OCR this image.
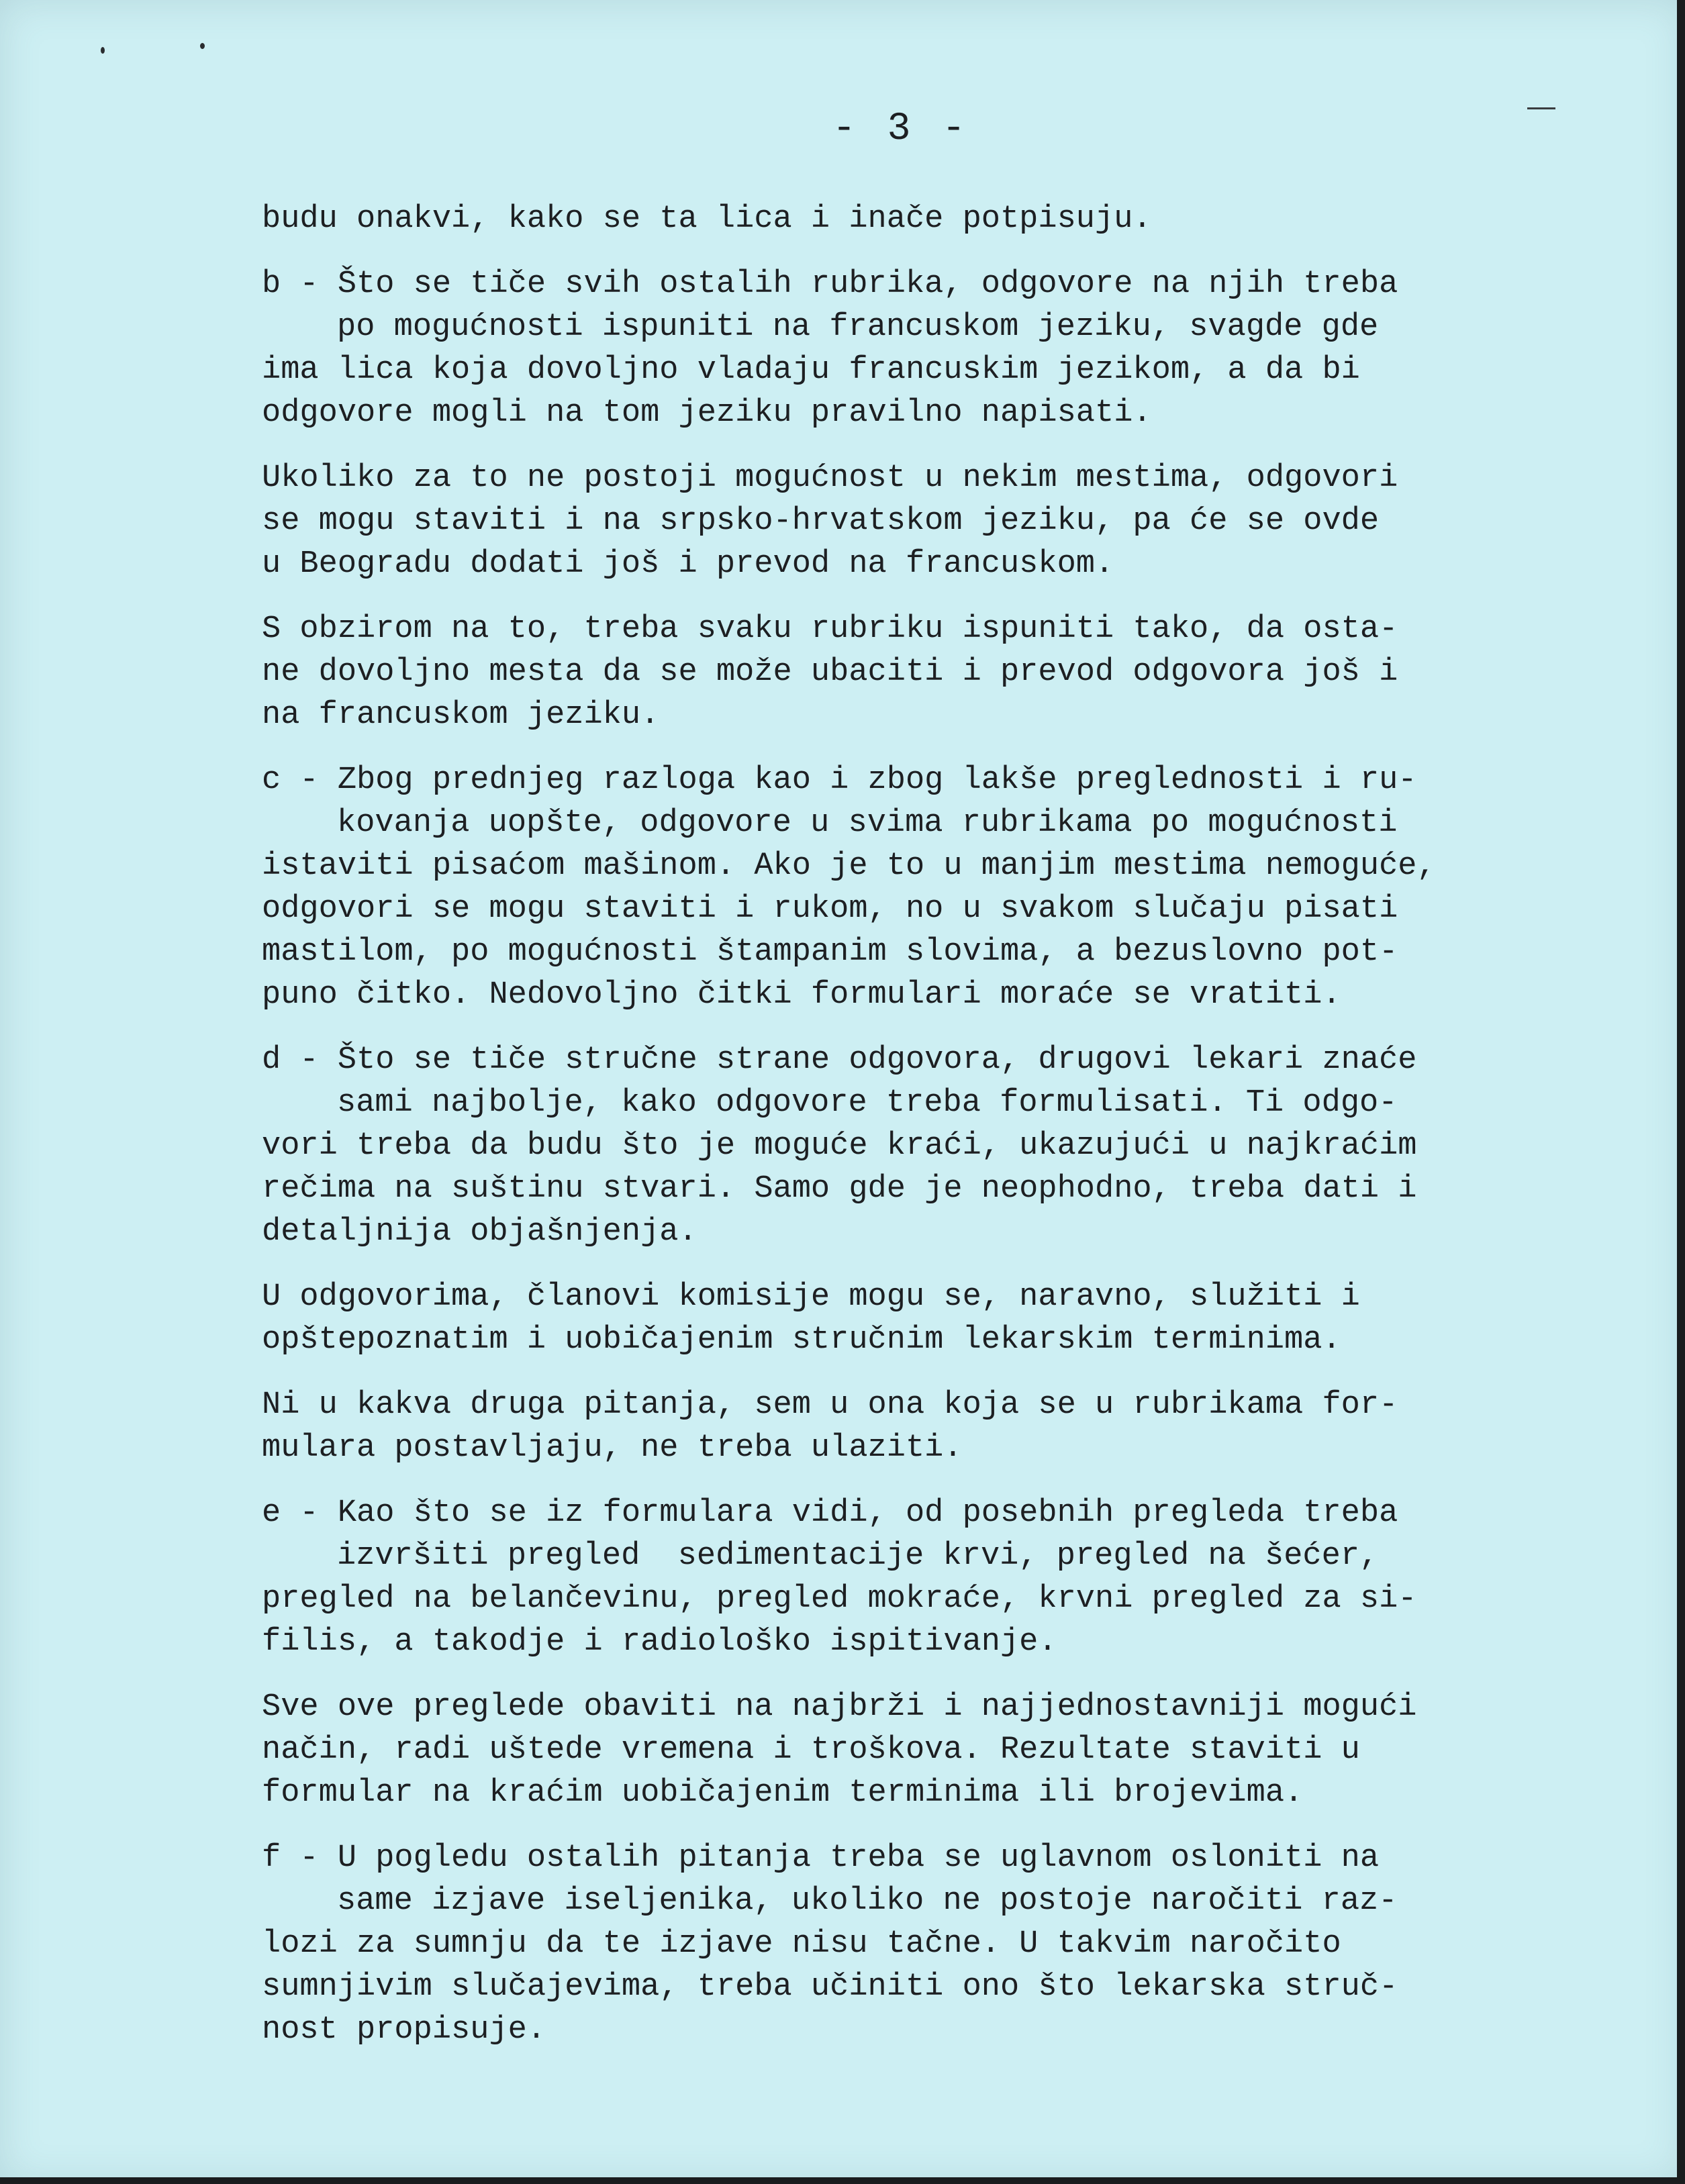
- 3 -
budu onakvi, kako se ta lica i inače potpisuju.
b - Što se tiče svih ostalih rubrika, odgovore na njih treba
po mogućnosti ispuniti na francuskom jeziku, svagde gde
ima lica koja dovoljno vladaju francuskim jezikom, a da bi
odgovore mogli na tom jeziku pravilno napisati.
Ukoliko za to ne postoji mogućnost u nekim mestima, odgovori
se mogu staviti i na srpsko-hrvatskom jeziku, pa će se ovde
u Beogradu dodati još i prevod na francuskom.
S obzirom na to, treba svaku rubriku ispuniti tako, da osta-
ne dovoljno mesta da se može ubaciti i prevod odgovora još i
na francuskom jeziku.
c - Zbog prednjeg razloga kao i zbog lakše preglednosti i ru-
kovanja uopšte, odgovore u svima rubrikama po mogućnosti
istaviti pisaćom mašinom. Ako je to u manjim mestima nemoguće,
odgovori se mogu staviti i rukom, no u svakom slučaju pisati
mastilom, po mogućnosti štampanim slovima, a bezuslovno pot-
puno čitko. Nedovoljno čitki formulari moraće se vratiti.
d - Što se tiče stručne strane odgovora, drugovi lekari znaće
sami najbolje, kako odgovore treba formulisati. Ti odgo-
vori treba da budu što je moguće kraći, ukazujući u najkraćim
rečima na suštinu stvari. Samo gde je neophodno, treba dati i
detaljnija objašnjenja.
U odgovorima, članovi komisije mogu se, naravno, služiti i
opštepoznatim i uobičajenim stručnim lekarskim terminima.
Ni u kakva druga pitanja, sem u ona koja se u rubrikama for-
mulara postavljaju, ne treba ulaziti.
e - Kao što se iz formulara vidi, od posebnih pregleda treba
izvršiti pregled  sedimentacije krvi, pregled na šećer,
pregled na belančevinu, pregled mokraće, krvni pregled za si-
filis, a takodje i radiološko ispitivanje.
Sve ove preglede obaviti na najbrži i najjednostavniji mogući
način, radi uštede vremena i troškova. Rezultate staviti u
formular na kraćim uobičajenim terminima ili brojevima.
f - U pogledu ostalih pitanja treba se uglavnom osloniti na
same izjave iseljenika, ukoliko ne postoje naročiti raz-
lozi za sumnju da te izjave nisu tačne. U takvim naročito
sumnjivim slučajevima, treba učiniti ono što lekarska struč-
nost propisuje.
